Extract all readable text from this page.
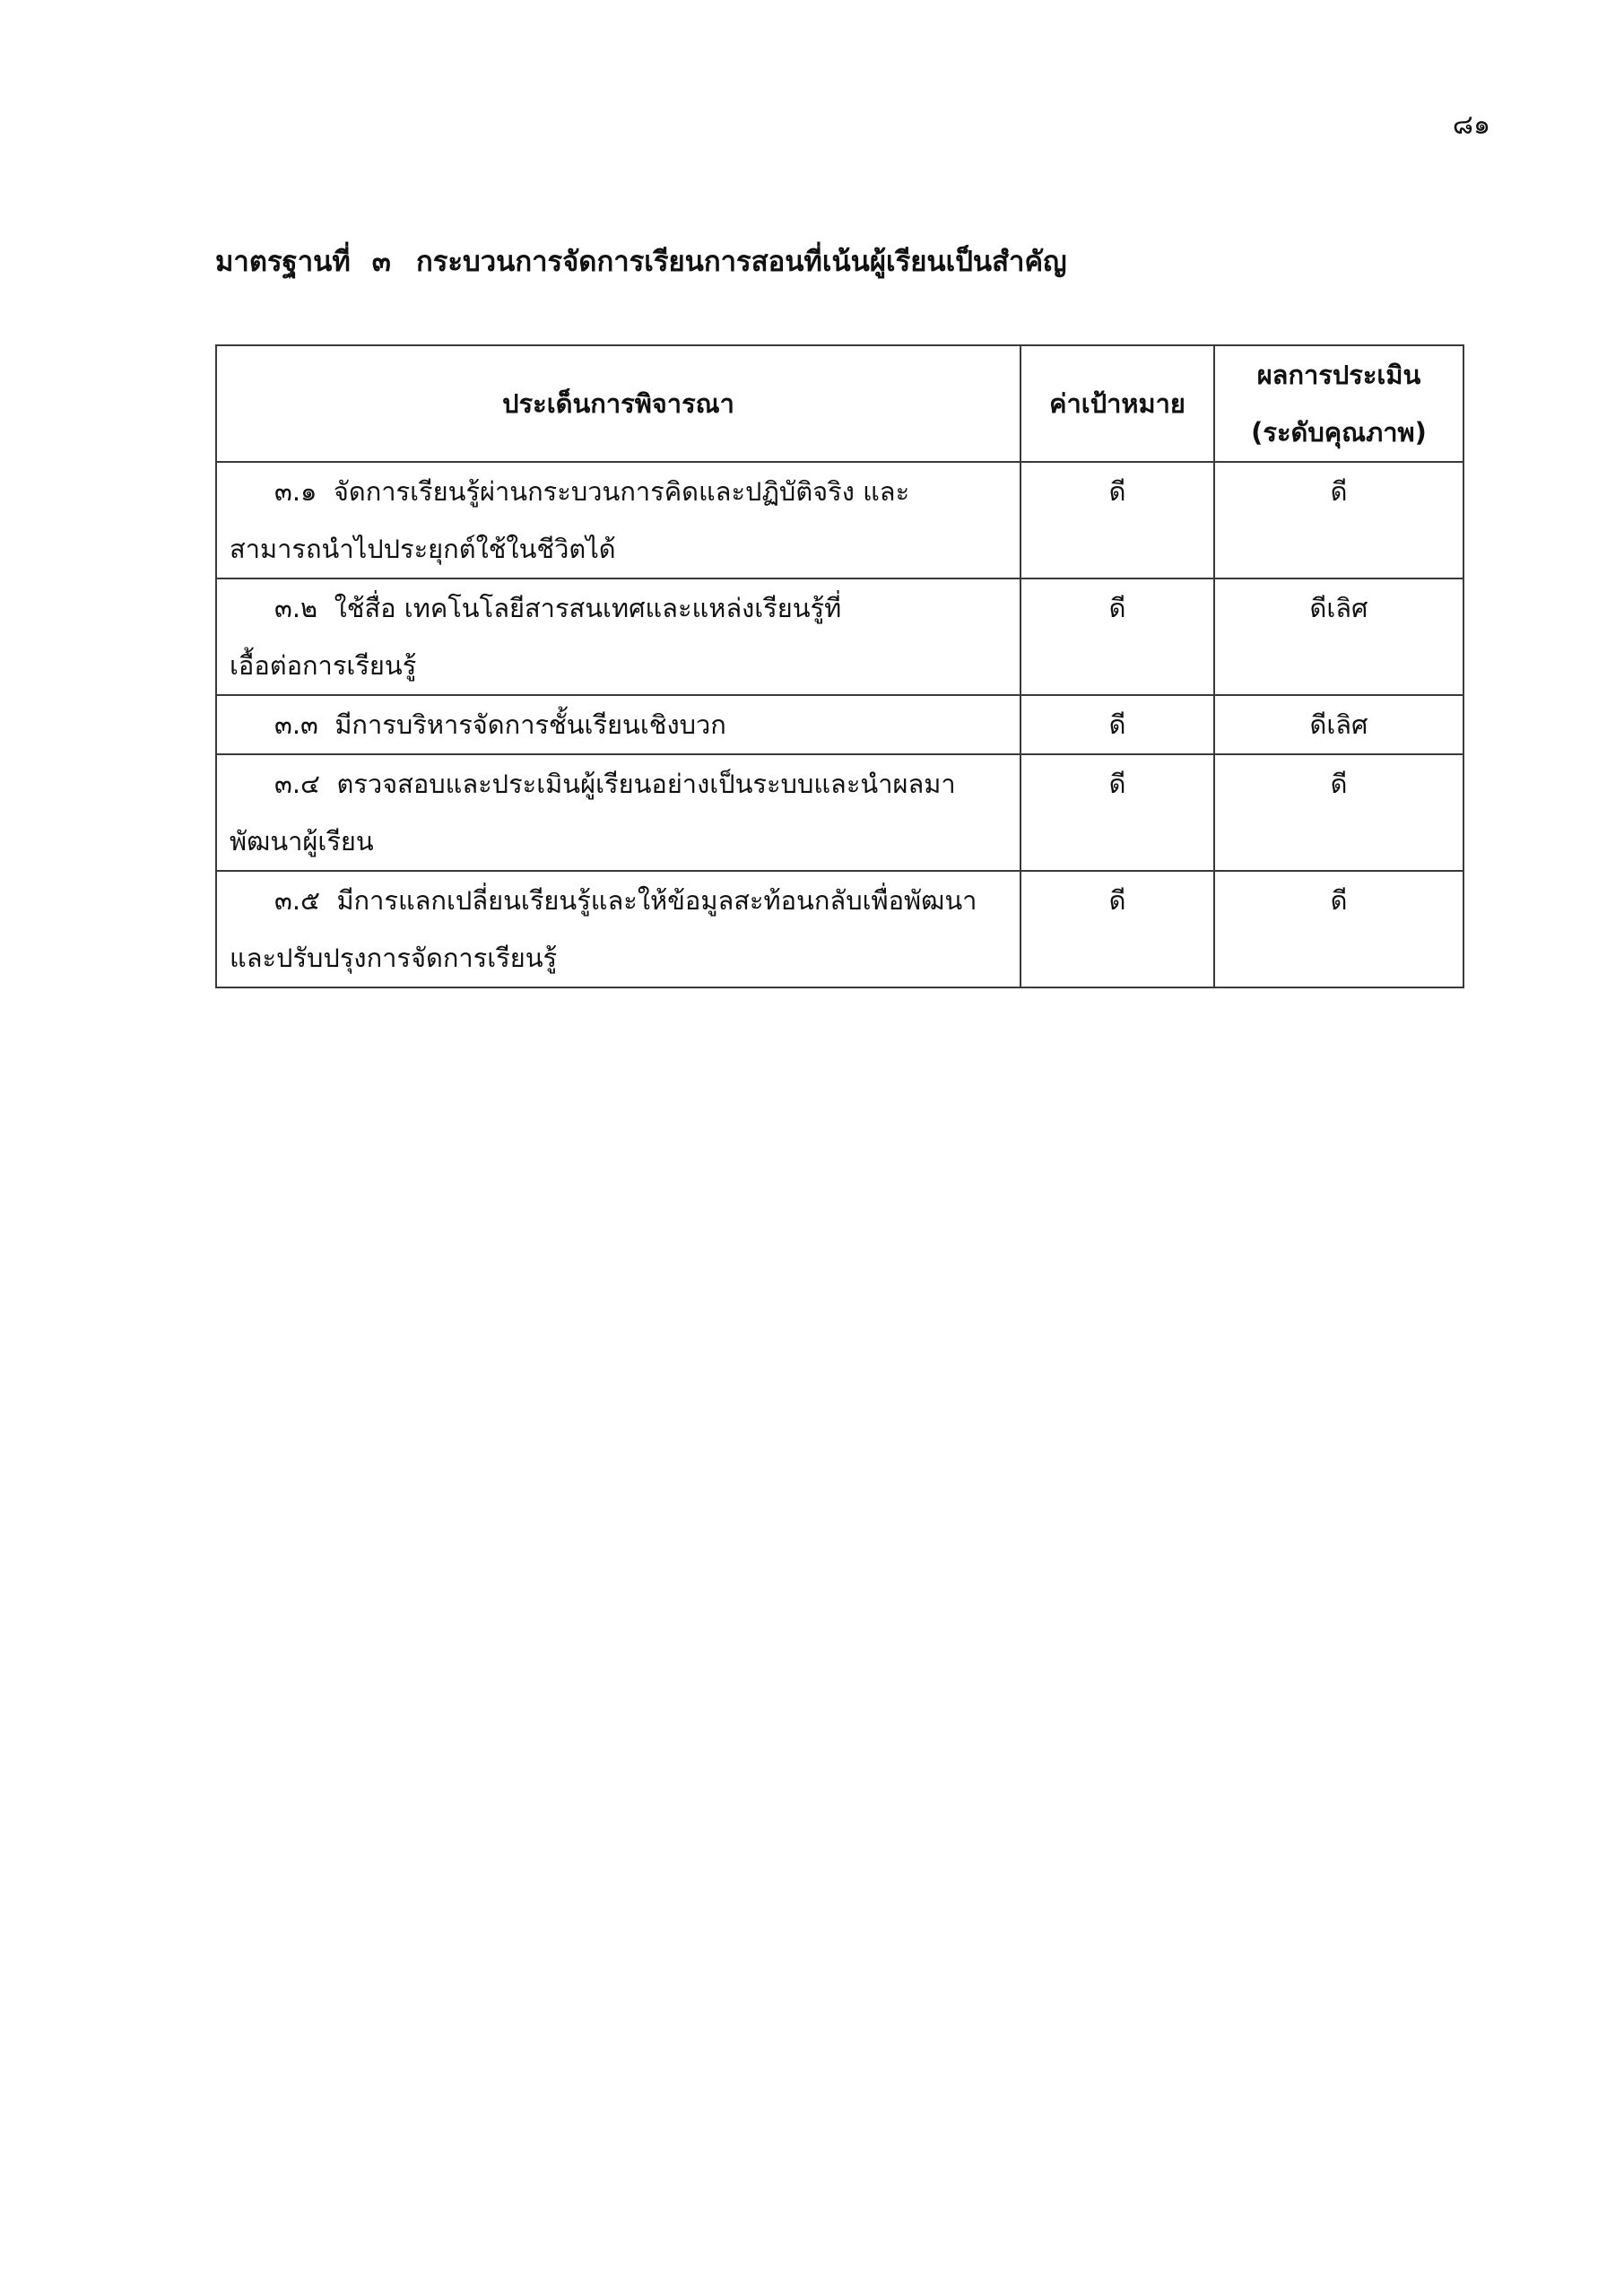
๘๑
มาตรฐานที่ ๓ กระบวนการจัดการเรียนการสอนที่เน้นผู้เรียนเป็นสำคัญ
ประเด็นการพิจารณา	ค่าเป้าหมาย	ผลการประเมิน
(ระดับคุณภาพ)

๓.๑ จัดการเรียนรู้ผ่านกระบวนการคิดและปฏิบัติจริง และ
สามารถนำไปประยุกต์ใช้ในชีวิตได้	ดี	ดี

๓.๒ ใช้สื่อ เทคโนโลยีสารสนเทศและแหล่งเรียนรู้ที่
เอื้อต่อการเรียนรู้	ดี	ดีเลิศ

๓.๓ มีการบริหารจัดการชั้นเรียนเชิงบวก	ดี	ดีเลิศ

๓.๔ ตรวจสอบและประเมินผู้เรียนอย่างเป็นระบบและนำผลมา
พัฒนาผู้เรียน	ดี	ดี

๓.๕ มีการแลกเปลี่ยนเรียนรู้และให้ข้อมูลสะท้อนกลับเพื่อพัฒนา
และปรับปรุงการจัดการเรียนรู้	ดี	ดี
